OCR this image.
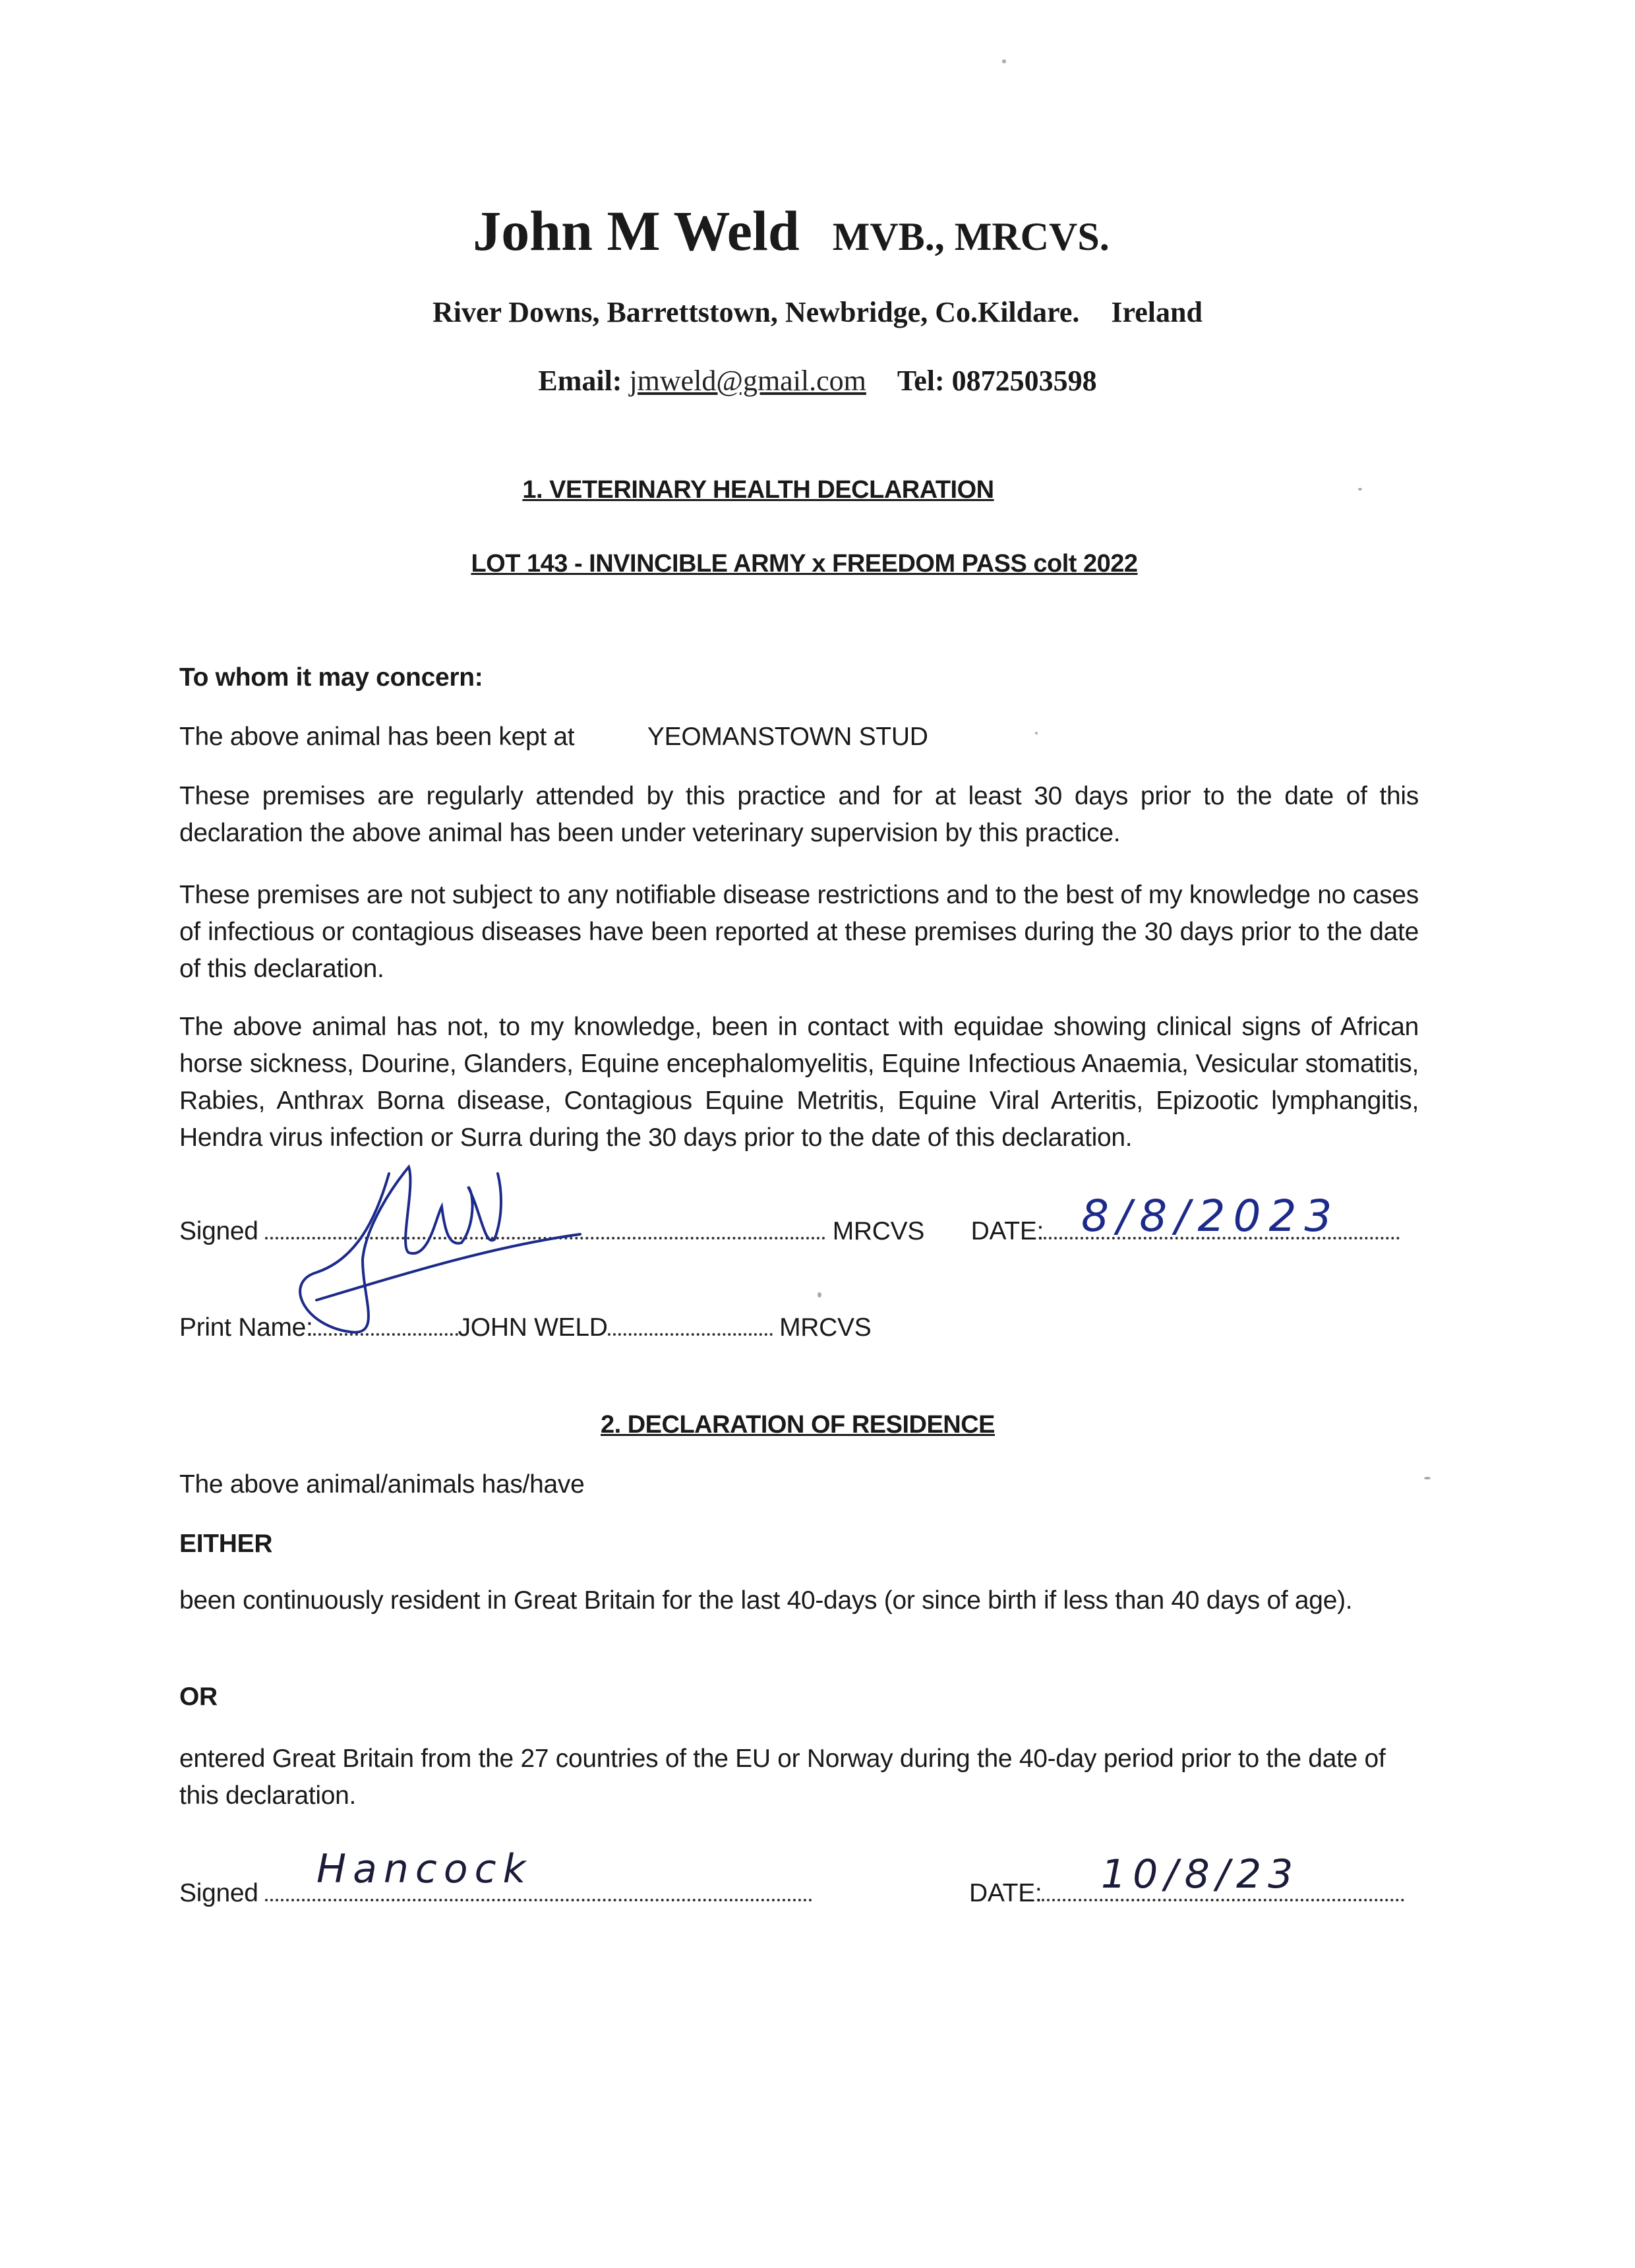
John M Weld MVB., MRCVS.
River Downs, Barrettstown, Newbridge, Co.Kildare. Ireland
Email: jmweld@gmail.com Tel: 0872503598
1. VETERINARY HEALTH DECLARATION
LOT 143 - INVINCIBLE ARMY x FREEDOM PASS colt 2022
To whom it may concern:
The above animal has been kept at	YEOMANSTOWN STUD
These premises are regularly attended by this practice and for at least 30 days prior to the date of this declaration the above animal has been under veterinary supervision by this practice.
These premises are not subject to any notifiable disease restrictions and to the best of my knowledge no cases of infectious or contagious diseases have been reported at these premises during the 30 days prior to the date of this declaration.
The above animal has not, to my knowledge, been in contact with equidae showing clinical signs of African horse sickness, Dourine, Glanders, Equine encephalomyelitis, Equine Infectious Anaemia, Vesicular stomatitis, Rabies, Anthrax Borna disease, Contagious Equine Metritis, Equine Viral Arteritis, Epizootic lymphangitis, Hendra virus infection or Surra during the 30 days prior to the date of this declaration.
Signed	MRCVS DATE: 8/8/2023
Print Name:	JOHN WELD	MRCVS
2. DECLARATION OF RESIDENCE
The above animal/animals has/have
EITHER
been continuously resident in Great Britain for the last 40-days (or since birth if less than 40 days of age).
OR
entered Great Britain from the 27 countries of the EU or Norway during the 40-day period prior to the date of this declaration.
Signed
Hancock
DATE:	10/8/23
